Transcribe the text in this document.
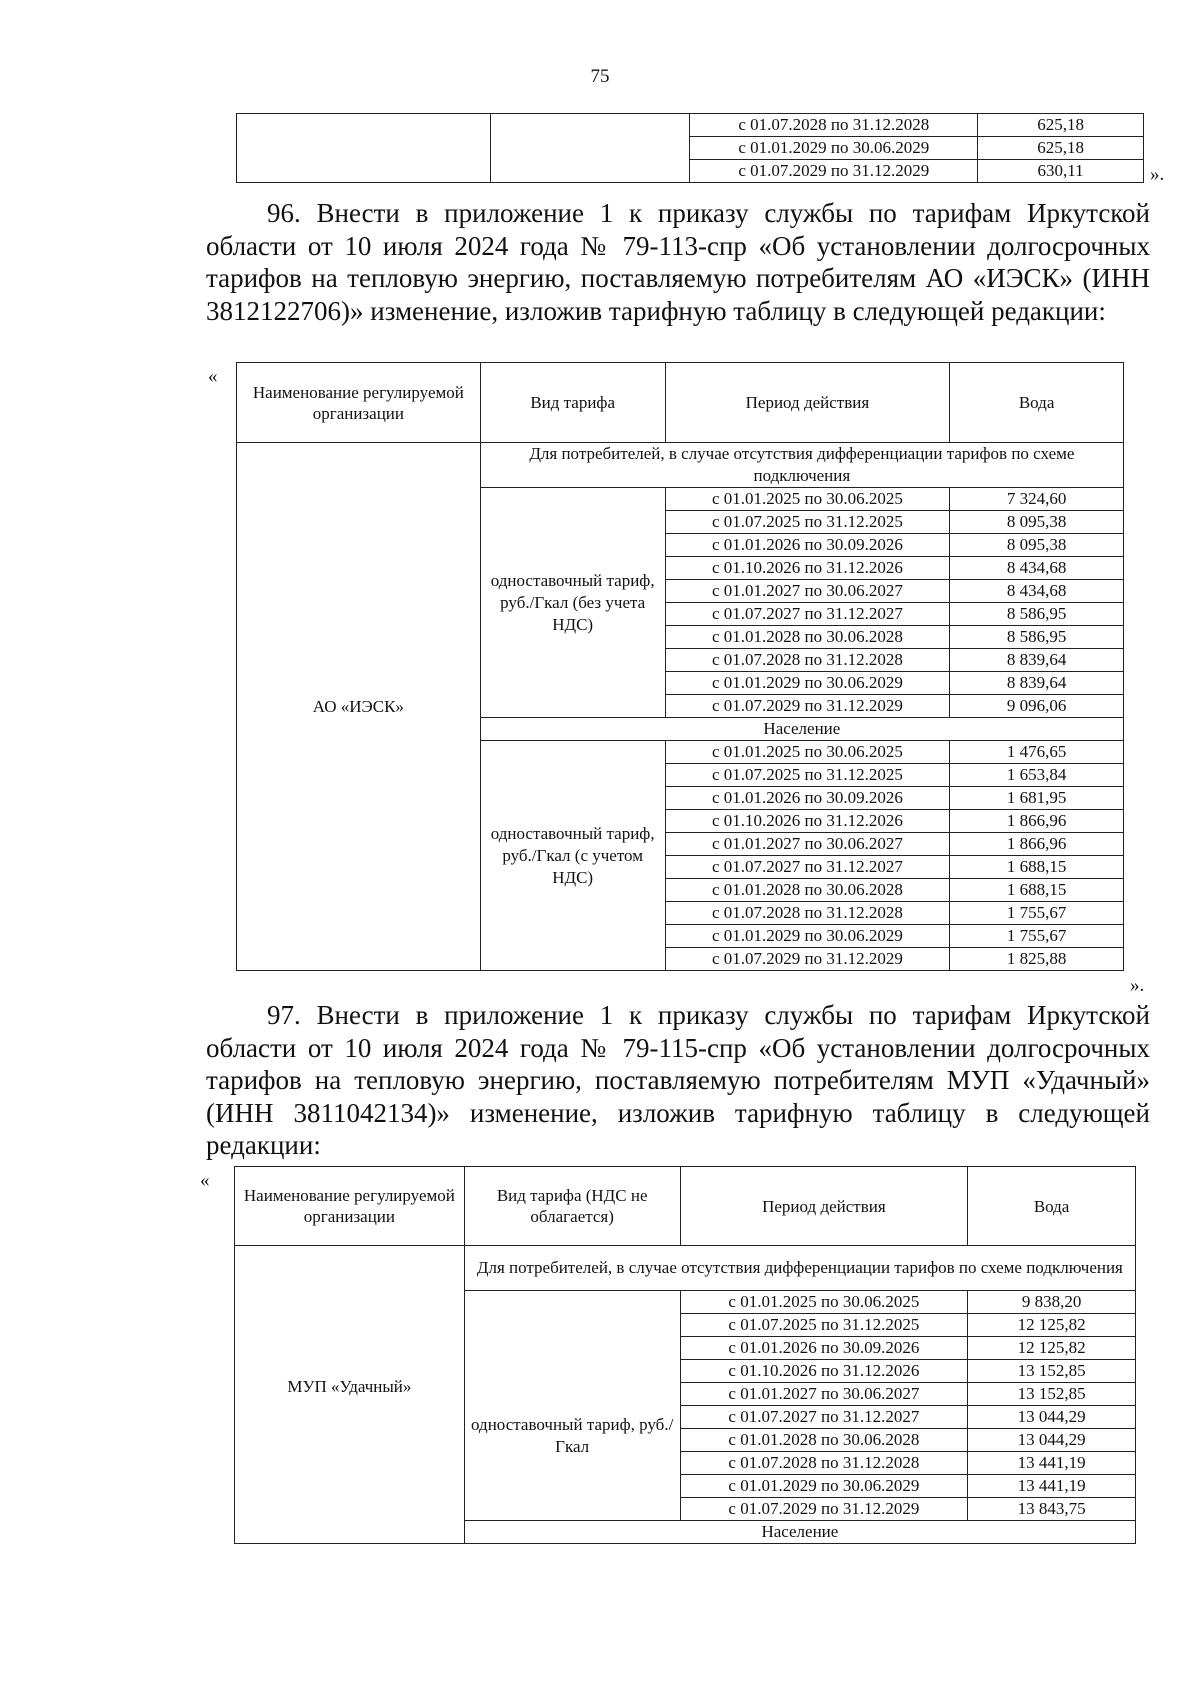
75
		с 01.07.2028 по 31.12.2028	625,18
		с 01.01.2029 по 30.06.2029	625,18
		с 01.07.2029 по 31.12.2029	630,11	».
96. Внести в приложение 1 к приказу службы по тарифам Иркутской области от 10 июля 2024 года № 79-113-спр «Об установлении долгосрочных тарифов на тепловую энергию, поставляемую потребителям АО «ИЭСК» (ИНН 3812122706)» изменение, изложив тарифную таблицу в следующей редакции:
«
Наименование регулируемой организации	Вид тарифа	Период действия	Вода
АО «ИЭСК»	Для потребителей, в случае отсутствия дифференциации тарифов по схеме подключения		
	одноставочный тариф, руб./Гкал (без учета НДС)	с 01.01.2025 по 30.06.2025	7 324,60
		с 01.07.2025 по 31.12.2025	8 095,38
		с 01.01.2026 по 30.09.2026	8 095,38
		с 01.10.2026 по 31.12.2026	8 434,68
		с 01.01.2027 по 30.06.2027	8 434,68
		с 01.07.2027 по 31.12.2027	8 586,95
		с 01.01.2028 по 30.06.2028	8 586,95
		с 01.07.2028 по 31.12.2028	8 839,64
		с 01.01.2029 по 30.06.2029	8 839,64
		с 01.07.2029 по 31.12.2029	9 096,06
	Население		
	одноставочный тариф, руб./Гкал (с учетом НДС)	с 01.01.2025 по 30.06.2025	1 476,65
		с 01.07.2025 по 31.12.2025	1 653,84
		с 01.01.2026 по 30.09.2026	1 681,95
		с 01.10.2026 по 31.12.2026	1 866,96
		с 01.01.2027 по 30.06.2027	1 866,96
		с 01.07.2027 по 31.12.2027	1 688,15
		с 01.01.2028 по 30.06.2028	1 688,15
		с 01.07.2028 по 31.12.2028	1 755,67
		с 01.01.2029 по 30.06.2029	1 755,67
		с 01.07.2029 по 31.12.2029	1 825,88
».
97. Внести в приложение 1 к приказу службы по тарифам Иркутской области от 10 июля 2024 года № 79-115-спр «Об установлении долгосрочных тарифов на тепловую энергию, поставляемую потребителям МУП «Удачный» (ИНН 3811042134)» изменение, изложив тарифную таблицу в следующей редакции:
«
Наименование регулируемой организации	Вид тарифа (НДС не облагается)	Период действия	Вода
МУП «Удачный»	Для потребителей, в случае отсутствия дифференциации тарифов по схеме подключения		
	одноставочный тариф, руб./Гкал	с 01.01.2025 по 30.06.2025	9 838,20
		с 01.07.2025 по 31.12.2025	12 125,82
		с 01.01.2026 по 30.09.2026	12 125,82
		с 01.10.2026 по 31.12.2026	13 152,85
		с 01.01.2027 по 30.06.2027	13 152,85
		с 01.07.2027 по 31.12.2027	13 044,29
		с 01.01.2028 по 30.06.2028	13 044,29
		с 01.07.2028 по 31.12.2028	13 441,19
		с 01.01.2029 по 30.06.2029	13 441,19
		с 01.07.2029 по 31.12.2029	13 843,75
	Население		
